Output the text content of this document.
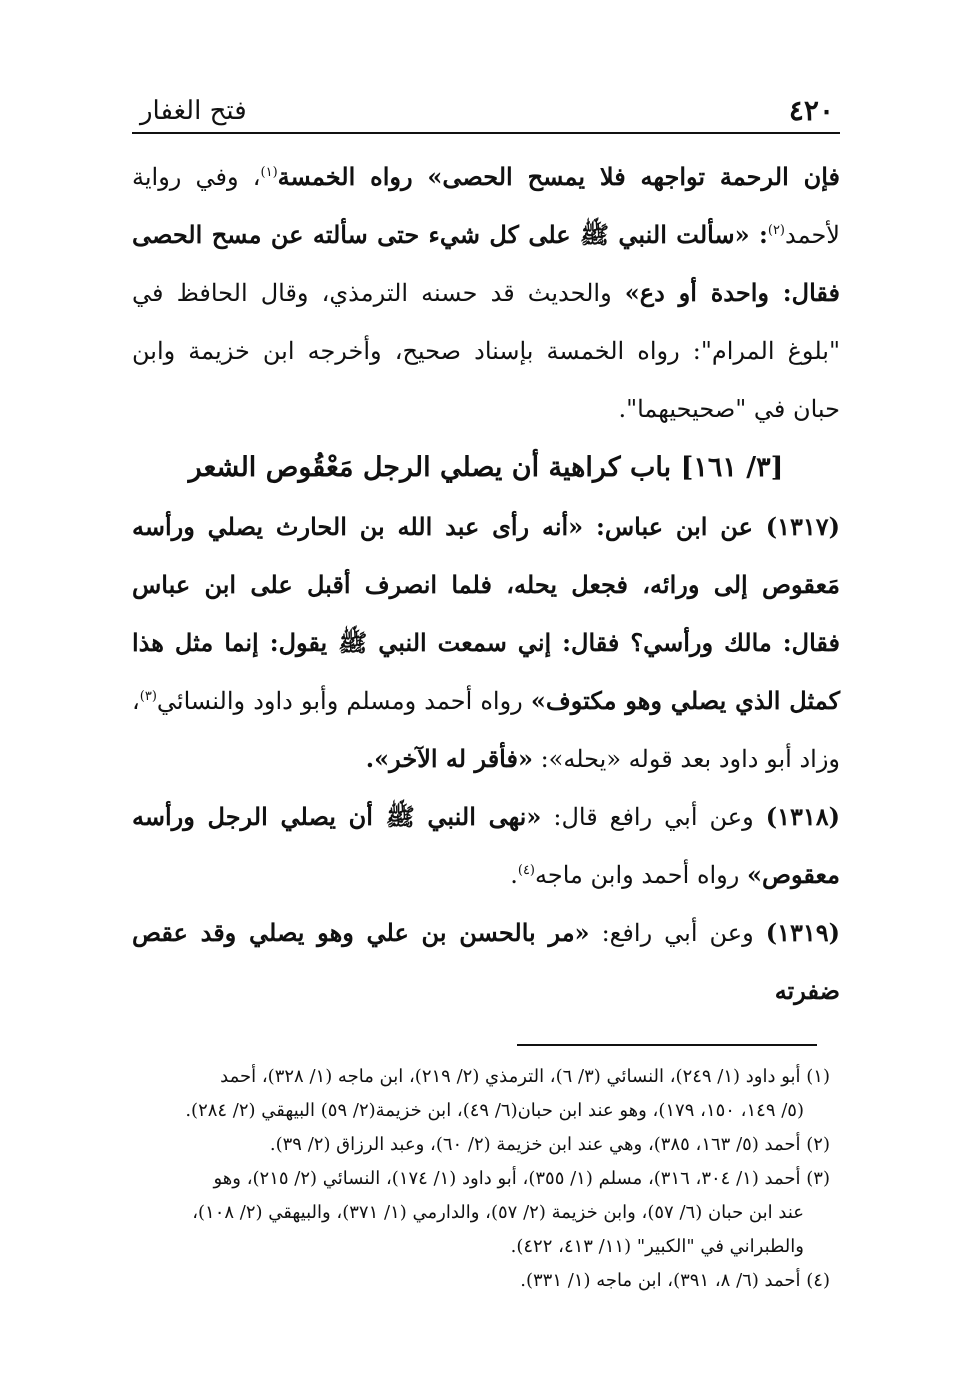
٤٢٠
فتح الغفار

فإن الرحمة تواجهه فلا يمسح الحصى» رواه الخمسة$^{(١)}$، وفي رواية لأحمد$^{(٢)}$: «سألت النبي ﷺ على كل شيء حتى سألته عن مسح الحصى فقال: واحدة أو دع» والحديث قد حسنه الترمذي، وقال الحافظ في "بلوغ المرام": رواه الخمسة بإسناد صحيح، وأخرجه ابن خزيمة وابن حبان في "صحيحيهما".

[٣/ ١٦١] باب كراهية أن يصلي الرجل مَعْقُوص الشعر

(١٣١٧) عن ابن عباس: «أنه رأى عبد الله بن الحارث يصلي ورأسه مَعقوص إلى ورائه، فجعل يحله، فلما انصرف أقبل على ابن عباس فقال: مالك ورأسي؟ فقال: إني سمعت النبي ﷺ يقول: إنما مثل هذا كمثل الذي يصلي وهو مكتوف» رواه أحمد ومسلم وأبو داود والنسائي$^{(٣)}$، وزاد أبو داود بعد قوله «يحله»: «فأقر له الآخر».

(١٣١٨) وعن أبي رافع قال: «نهى النبي ﷺ أن يصلي الرجل ورأسه معقوص» رواه أحمد وابن ماجه$^{(٤)}$.

(١٣١٩) وعن أبي رافع: «مر بالحسن بن علي وهو يصلي وقد عقص ضفرته

(١) أبو داود (١/ ٢٤٩)، النسائي (٣/ ٦)، الترمذي (٢/ ٢١٩)، ابن ماجه (١/ ٣٢٨)، أحمد

(٥/ ١٤٩، ١٥٠، ١٧٩)، وهو عند ابن حبان(٦/ ٤٩)، ابن خزيمة(٢/ ٥٩) البيهقي (٢/ ٢٨٤).

(٢) أحمد (٥/ ١٦٣، ٣٨٥)، وهي عند ابن خزيمة (٢/ ٦٠)، وعبد الرزاق (٢/ ٣٩).

(٣) أحمد (١/ ٣٠٤، ٣١٦)، مسلم (١/ ٣٥٥)، أبو داود (١/ ١٧٤)، النسائي (٢/ ٢١٥)، وهو

عند ابن حبان (٦/ ٥٧)، وابن خزيمة (٢/ ٥٧)، والدارمي (١/ ٣٧١)، والبيهقي (٢/ ١٠٨)،

والطبراني في "الكبير" (١١/ ٤١٣، ٤٢٢).

(٤) أحمد (٦/ ٨، ٣٩١)، ابن ماجه (١/ ٣٣١).
